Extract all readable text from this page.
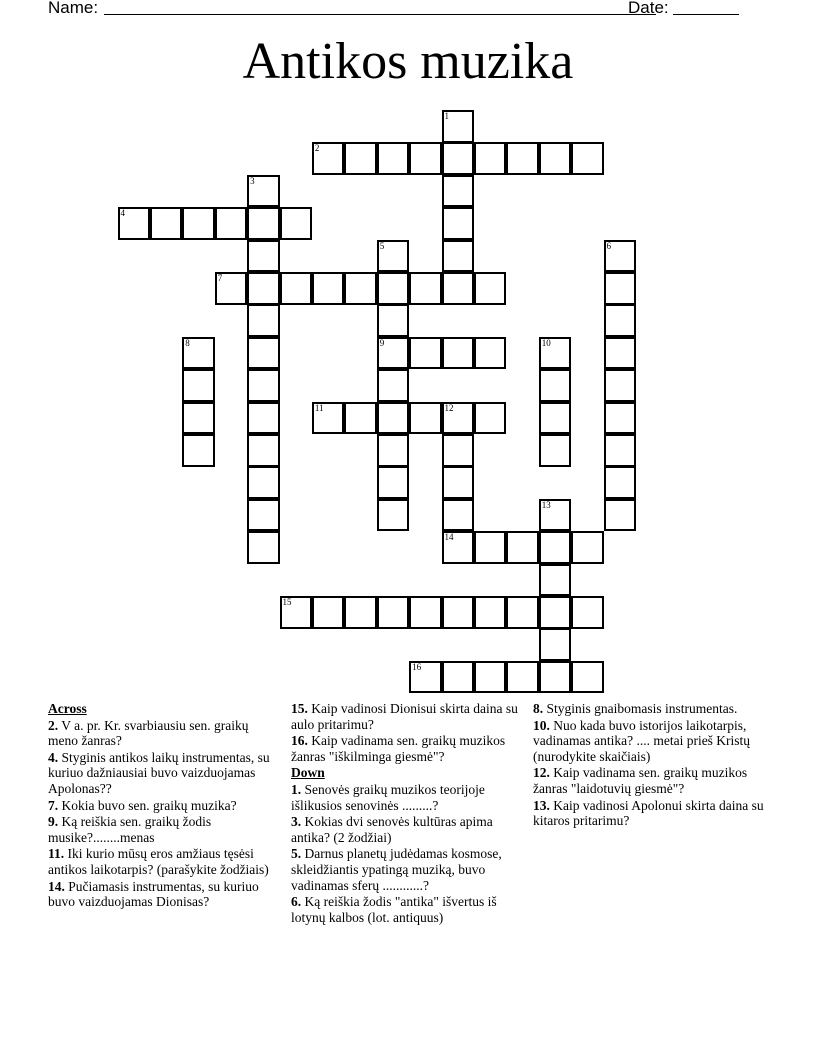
Name:	Date:
Antikos muzika
1
2
3
4
5
9
6
7
8	10
11	12
14
13
15
16
Across
2. V a. pr. Kr. svarbiausiu sen. graikų meno žanras?
4. Styginis antikos laikų instrumentas, su kuriuo dažniausiai buvo vaizduojamas Apolonas??
7. Kokia buvo sen. graikų muzika?
9. Ką reiškia sen. graikų žodis musike?........menas
11. Iki kurio mūsų eros amžiaus tęsėsi antikos laikotarpis? (parašykite žodžiais)
14. Pučiamasis instrumentas, su kuriuo buvo vaizduojamas Dionisas?
15. Kaip vadinosi Dionisui skirta daina su aulo pritarimu?
16. Kaip vadinama sen. graikų muzikos žanras "iškilminga giesmė"?
Down
1. Senovės graikų muzikos teorijoje išlikusios senovinės .........?
3. Kokias dvi senovės kultūras apima antika? (2 žodžiai)
5. Darnus planetų judėdamas kosmose, skleidžiantis ypatingą muziką, buvo vadinamas sferų ............?
6. Ką reiškia žodis "antika" išvertus iš lotynų kalbos (lot. antiquus)
8. Styginis gnaibomasis instrumentas.
10. Nuo kada buvo istorijos laikotarpis, vadinamas antika? .... metai prieš Kristų (nurodykite skaičiais)
12. Kaip vadinama sen. graikų muzikos žanras "laidotuvių giesmė"?
13. Kaip vadinosi Apolonui skirta daina su kitaros pritarimu?
